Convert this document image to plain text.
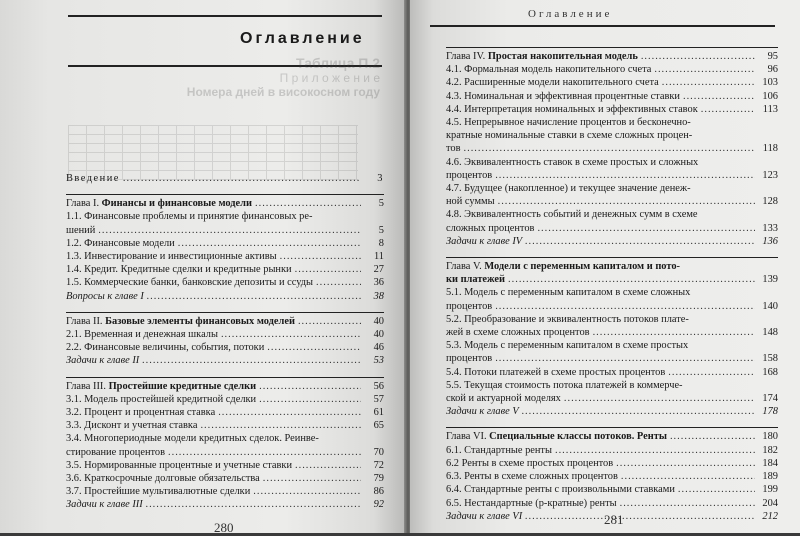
Оглавление
Таблица П.2
П р и л о ж е н и е
Номера дней в високосном году
Введение .....	3
Глава I. Финансы и финансовые модели .....	5
1.1. Финансовые проблемы и принятие финансовых ре-
шений .....	5
1.2. Финансовые модели .....	8
1.3. Инвестирование и инвестиционные активы .....	11
1.4. Кредит. Кредитные сделки и кредитные рынки .....	27
1.5. Коммерческие банки, банковские депозиты и ссуды .....	36
Вопросы к главе I .....	38
Глава II. Базовые элементы финансовых моделей .....	40
2.1. Временная и денежная шкалы .....	40
2.2. Финансовые величины, события, потоки .....	46
Задачи к главе II .....	53
Глава III. Простейшие кредитные сделки .....	56
3.1. Модель простейшей кредитной сделки .....	57
3.2. Процент и процентная ставка .....	61
3.3. Дисконт и учетная ставка .....	65
3.4. Многопериодные модели кредитных сделок. Реинве-
стирование процентов .....	70
3.5. Нормированные процентные и учетные ставки .....	72
3.6. Краткосрочные долговые обязательства .....	79
3.7. Простейшие мультивалютные сделки .....	86
Задачи к главе III .....	92
280
Оглавление
Глава IV. Простая накопительная модель .....	95
4.1. Формальная модель накопительного счета .....	96
4.2. Расширенные модели накопительного счета .....	103
4.3. Номинальная и эффективная процентные ставки .....	106
4.4. Интерпретация номинальных и эффективных ставок .....	113
4.5. Непрерывное начисление процентов и бесконечно-
кратные номинальные ставки в схеме сложных процен-
тов .....	118
4.6. Эквивалентность ставок в схеме простых и сложных
процентов .....	123
4.7. Будущее (накопленное) и текущее значение денеж-
ной суммы .....	128
4.8. Эквивалентность событий и денежных сумм в схеме
сложных процентов .....	133
Задачи к главе IV .....	136
Глава V. Модели с переменным капиталом и пото-
ки платежей .....	139
5.1. Модель с переменным капиталом в схеме сложных
процентов .....	140
5.2. Преобразование и эквивалентность потоков плате-
жей в схеме сложных процентов .....	148
5.3. Модель с переменным капиталом в схеме простых
процентов .....	158
5.4. Потоки платежей в схеме простых процентов .....	168
5.5. Текущая стоимость потока платежей в коммерче-
ской и актуарной моделях .....	174
Задачи к главе V .....	178
Глава VI. Специальные классы потоков. Ренты .....	180
6.1. Стандартные ренты .....	182
6.2 Ренты в схеме простых процентов .....	184
6.3. Ренты в схеме сложных процентов .....	189
6.4. Стандартные ренты с произвольными ставками .....	199
6.5. Нестандартные (p-кратные) ренты .....	204
Задачи к главе VI .....	212
281
